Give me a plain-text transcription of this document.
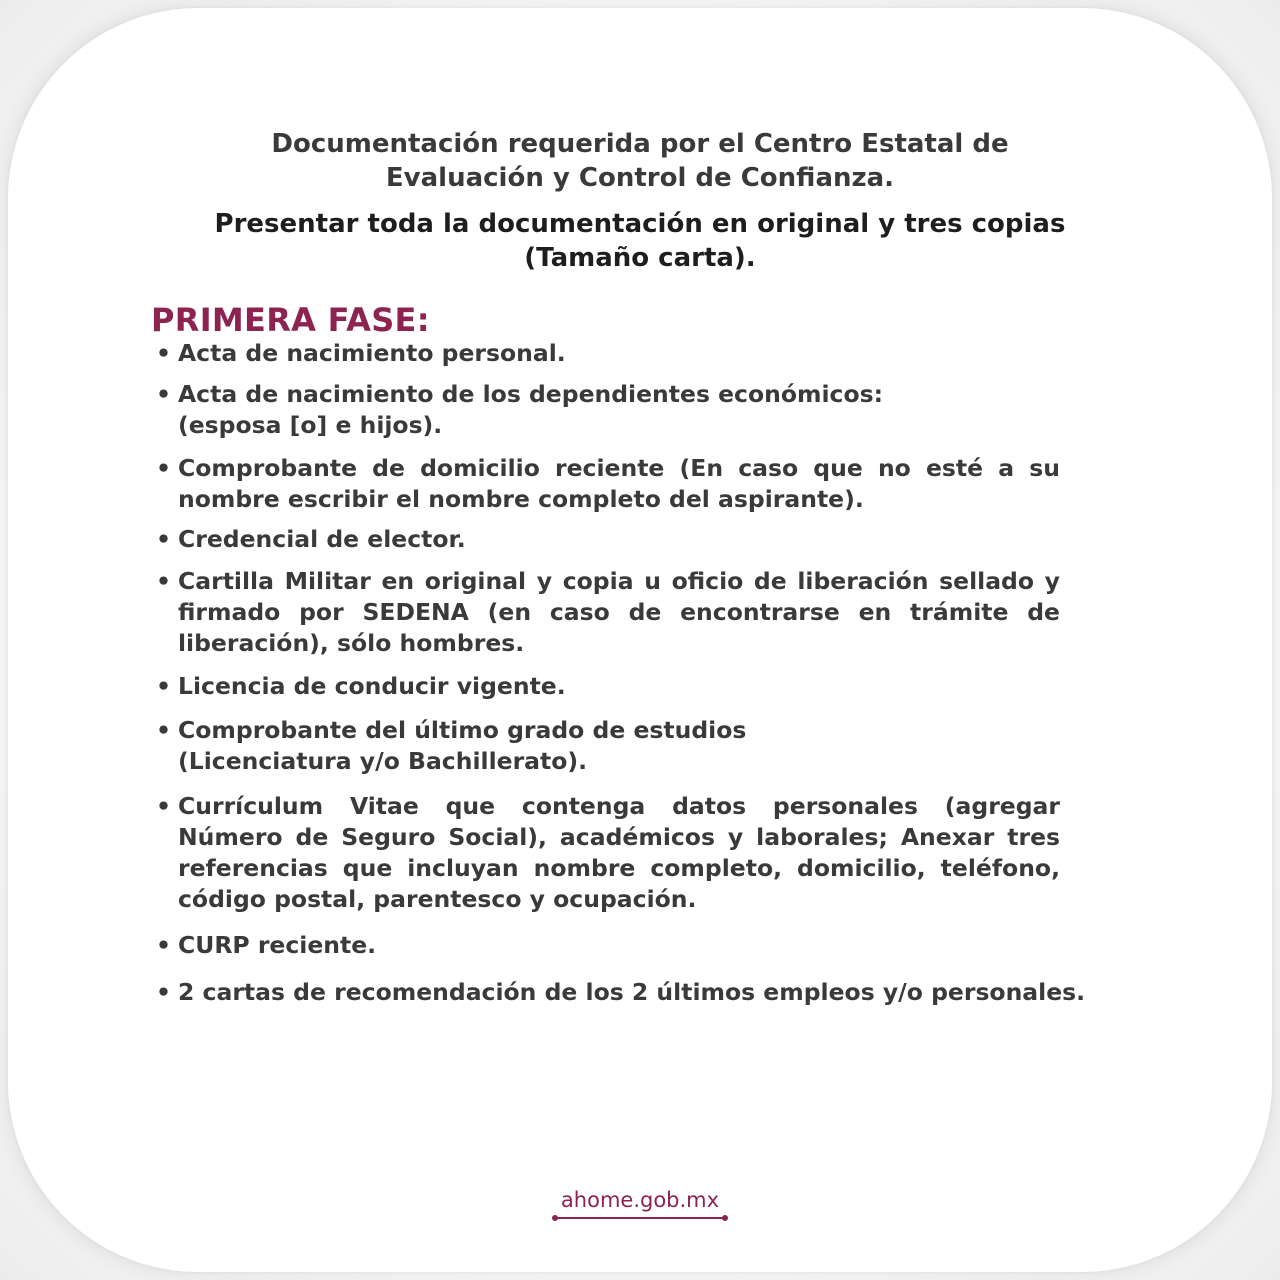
Documentación requerida por el Centro Estatal de
Evaluación y Control de Confianza.
Presentar toda la documentación en original y tres copias
(Tamaño carta).
PRIMERA FASE:
• Acta de nacimiento personal.
• Acta de nacimiento de los dependientes económicos:
(esposa [o] e hijos).
• Comprobante de domicilio reciente (En caso que no esté a su nombre escribir el nombre completo del aspirante).
• Credencial de elector.
• Cartilla Militar en original y copia u oficio de liberación sellado y firmado por SEDENA (en caso de encontrarse en trámite de liberación), sólo hombres.
• Licencia de conducir vigente.
• Comprobante del último grado de estudios
(Licenciatura y/o Bachillerato).
• Currículum Vitae que contenga datos personales (agregar Número de Seguro Social), académicos y laborales; Anexar tres referencias que incluyan nombre completo, domicilio, teléfono, código postal, parentesco y ocupación.
• CURP reciente.
• 2 cartas de recomendación de los 2 últimos empleos y/o personales.
ahome.gob.mx
